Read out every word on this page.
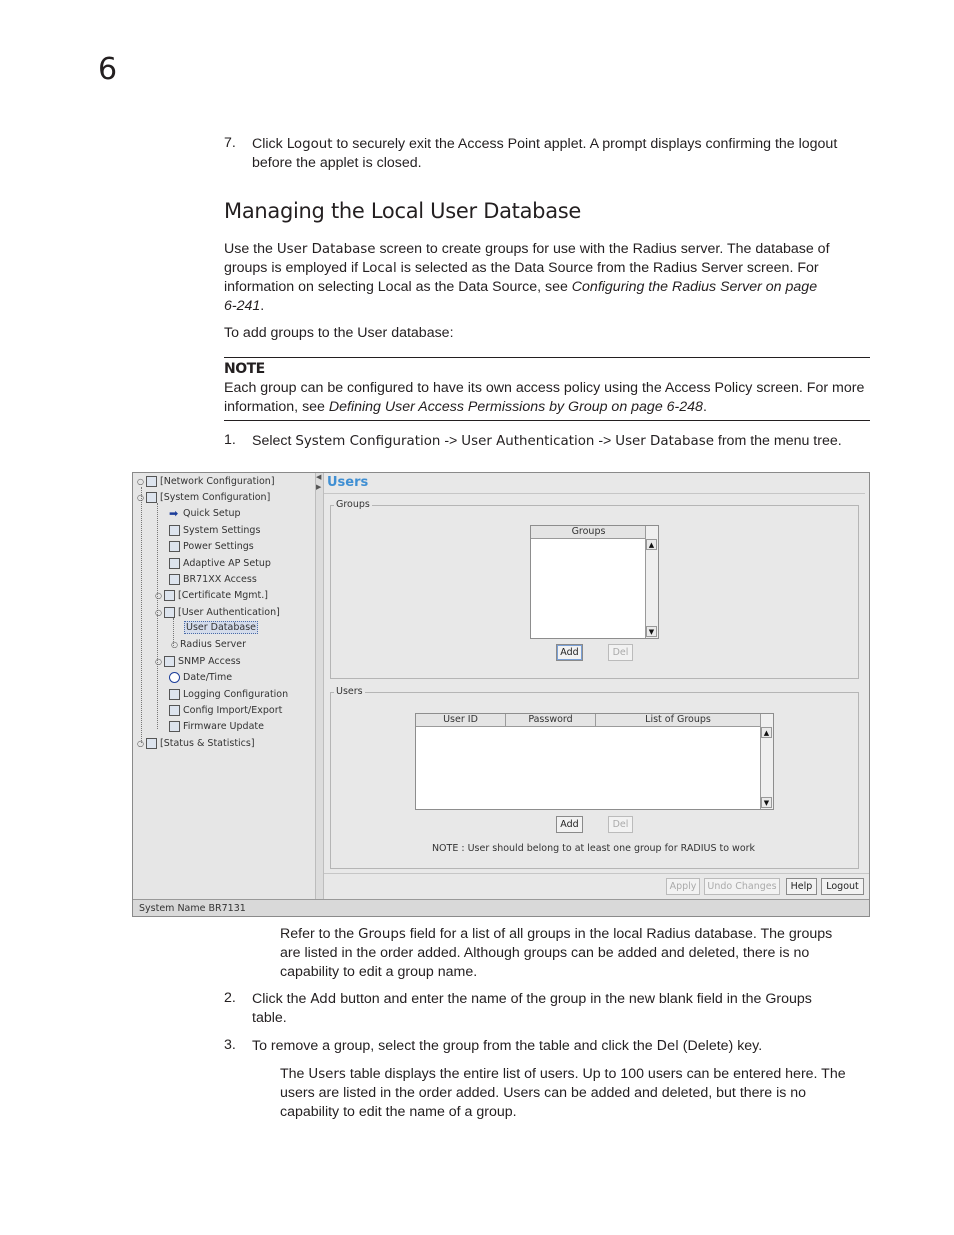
6
7. Click Logout to securely exit the Access Point applet. A prompt displays confirming the logout
before the applet is closed.
Managing the Local User Database
Use the User Database screen to create groups for use with the Radius server. The database of
groups is employed if Local is selected as the Data Source from the Radius Server screen. For
information on selecting Local as the Data Source, see Configuring the Radius Server on page
6-241.
To add groups to the User database:
NOTE
Each group can be configured to have its own access policy using the Access Policy screen. For more
information, see Defining User Access Permissions by Group on page 6-248.
1. Select System Configuration -> User Authentication -> User Database from the menu tree.
○ [Network Configuration]
○ [System Configuration]
➡ Quick Setup
System Settings
Power Settings
Adaptive AP Setup
BR71XX Access
○ [Certificate Mgmt.]
○ [User Authentication]
User Database
○ Radius Server
○ SNMP Access
Date/Time
Logging Configuration
Config Import/Export
Firmware Update
○ [Status & Statistics]
◀
▶ Users
Groups
Groups
▲
▼
Add	Del
Users
User ID	Password	List of Groups
▲
▼
Add	Del
NOTE : User should belong to at least one group for RADIUS to work
Apply	Undo Changes	Help	Logout
System Name BR7131
Refer to the Groups field for a list of all groups in the local Radius database. The groups
are listed in the order added. Although groups can be added and deleted, there is no
capability to edit a group name.
2. Click the Add button and enter the name of the group in the new blank field in the Groups
table.
3. To remove a group, select the group from the table and click the Del (Delete) key.
The Users table displays the entire list of users. Up to 100 users can be entered here. The
users are listed in the order added. Users can be added and deleted, but there is no
capability to edit the name of a group.
